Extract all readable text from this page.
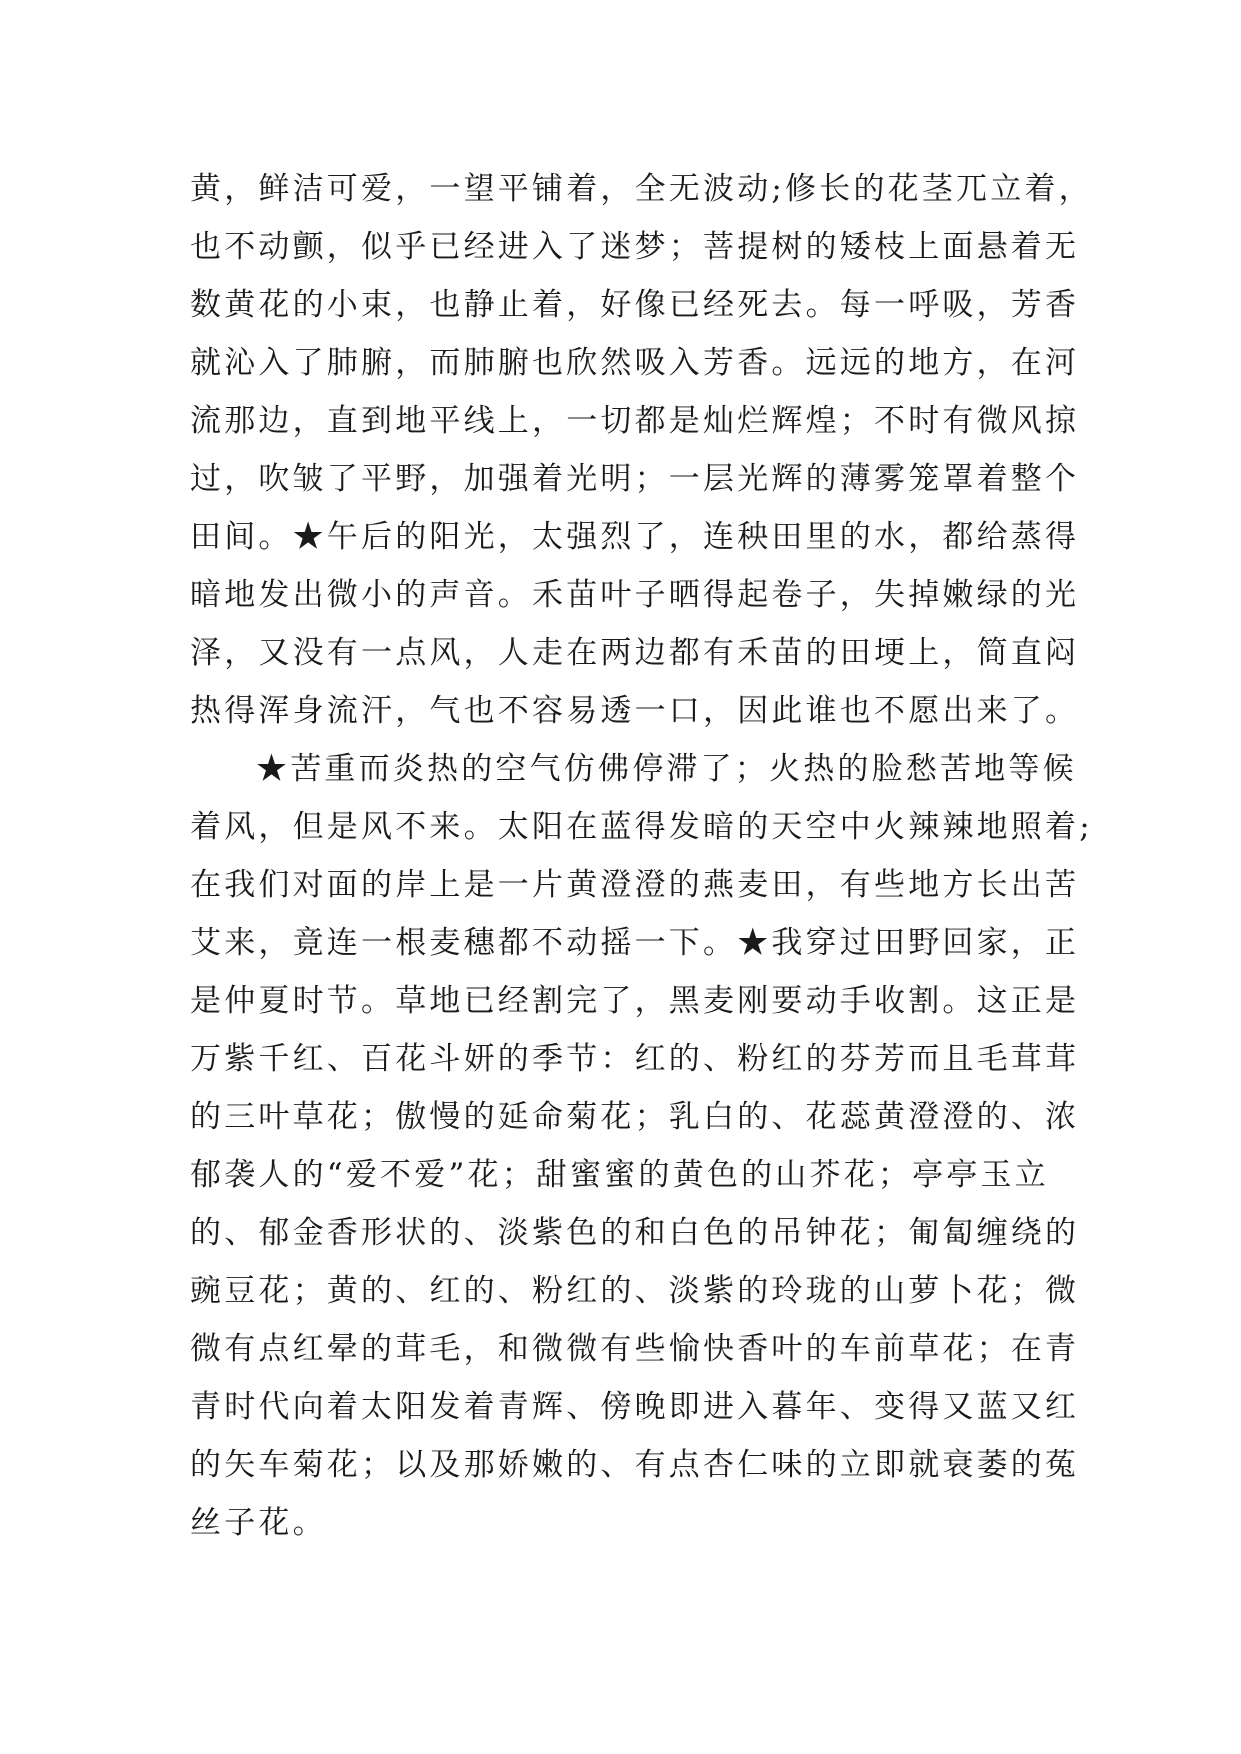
黄，鲜洁可爱，一望平铺着，全无波动;修长的花茎兀立着，
也不动颤，似乎已经进入了迷梦；菩提树的矮枝上面悬着无
数黄花的小束，也静止着，好像已经死去。每一呼吸，芳香
就沁入了肺腑，而肺腑也欣然吸入芳香。远远的地方，在河
流那边，直到地平线上，一切都是灿烂辉煌；不时有微风掠
过，吹皱了平野，加强着光明；一层光辉的薄雾笼罩着整个
田间。★午后的阳光，太强烈了，连秧田里的水，都给蒸得
暗地发出微小的声音。禾苗叶子晒得起卷子，失掉嫩绿的光
泽，又没有一点风，人走在两边都有禾苗的田埂上，简直闷
热得浑身流汗，气也不容易透一口，因此谁也不愿出来了。
★苦重而炎热的空气仿佛停滞了；火热的脸愁苦地等候
着风，但是风不来。太阳在蓝得发暗的天空中火辣辣地照着;
在我们对面的岸上是一片黄澄澄的燕麦田，有些地方长出苦
艾来，竟连一根麦穗都不动摇一下。★我穿过田野回家，正
是仲夏时节。草地已经割完了，黑麦刚要动手收割。这正是
万紫千红、百花斗妍的季节：红的、粉红的芬芳而且毛茸茸
的三叶草花；傲慢的延命菊花；乳白的、花蕊黄澄澄的、浓
郁袭人的“爱不爱”花；甜蜜蜜的黄色的山芥花；亭亭玉立
的、郁金香形状的、淡紫色的和白色的吊钟花；匍匐缠绕的
豌豆花；黄的、红的、粉红的、淡紫的玲珑的山萝卜花；微
微有点红晕的茸毛，和微微有些愉快香叶的车前草花；在青
青时代向着太阳发着青辉、傍晚即进入暮年、变得又蓝又红
的矢车菊花；以及那娇嫩的、有点杏仁味的立即就衰萎的菟
丝子花。
